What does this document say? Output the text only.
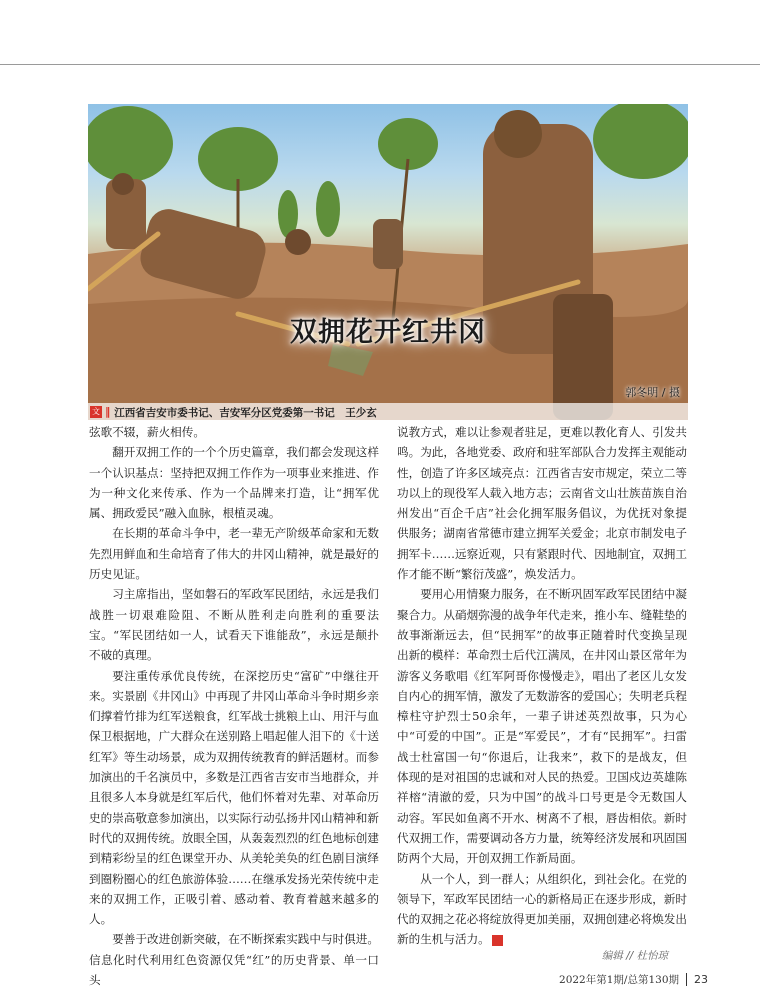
双拥花开红井冈
郭冬明 / 摄
文 ‖ 江西省吉安市委书记、吉安军分区党委第一书记　王少玄

弦歌不辍，薪火相传。

翻开双拥工作的一个个历史篇章，我们都会发现这样一个认识基点：坚持把双拥工作作为一项事业来推进、作为一种文化来传承、作为一个品牌来打造，让“拥军优属、拥政爱民”融入血脉，根植灵魂。

在长期的革命斗争中，老一辈无产阶级革命家和无数先烈用鲜血和生命培育了伟大的井冈山精神，就是最好的历史见证。

习主席指出，坚如磐石的军政军民团结，永远是我们战胜一切艰难险阻、不断从胜利走向胜利的重要法宝。“军民团结如一人，试看天下谁能敌”，永远是颠扑不破的真理。

要注重传承优良传统，在深挖历史“富矿”中继往开来。实景剧《井冈山》中再现了井冈山革命斗争时期乡亲们撑着竹排为红军送粮食，红军战士挑粮上山、用汗与血保卫根据地，广大群众在送别路上唱起催人泪下的《十送红军》等生动场景，成为双拥传统教育的鲜活题材。而参加演出的千名演员中，多数是江西省吉安市当地群众，并且很多人本身就是红军后代，他们怀着对先辈、对革命历史的崇高敬意参加演出，以实际行动弘扬井冈山精神和新时代的双拥传统。放眼全国，从轰轰烈烈的红色地标创建到精彩纷呈的红色课堂开办、从美轮美奂的红色剧目演绎到圈粉圈心的红色旅游体验……在继承发扬光荣传统中走来的双拥工作，正吸引着、感动着、教育着越来越多的人。

要善于改进创新突破，在不断探索实践中与时俱进。信息化时代利用红色资源仅凭“红”的历史背景、单一口头

说教方式，难以让参观者驻足，更难以教化育人、引发共鸣。为此，各地党委、政府和驻军部队合力发挥主观能动性，创造了许多区域亮点：江西省吉安市规定，荣立二等功以上的现役军人载入地方志；云南省文山壮族苗族自治州发出“百企千店”社会化拥军服务倡议，为优抚对象提供服务；湖南省常德市建立拥军关爱金；北京市制发电子拥军卡……远察近观，只有紧跟时代、因地制宜，双拥工作才能不断“繁衍茂盛”，焕发活力。

要用心用情聚力服务，在不断巩固军政军民团结中凝聚合力。从硝烟弥漫的战争年代走来，推小车、缝鞋垫的故事渐渐远去，但“民拥军”的故事正随着时代变换呈现出新的模样：革命烈士后代江满凤，在井冈山景区常年为游客义务歌唱《红军阿哥你慢慢走》，唱出了老区儿女发自内心的拥军情，激发了无数游客的爱国心；失明老兵程樟柱守护烈士50余年，一辈子讲述英烈故事，只为心中“可爱的中国”。正是“军爱民”，才有“民拥军”。扫雷战士杜富国一句“你退后，让我来”，救下的是战友，但体现的是对祖国的忠诚和对人民的热爱。卫国戍边英雄陈祥榕“清澈的爱，只为中国”的战斗口号更是令无数国人动容。军民如鱼离不开水、树离不了根，唇齿相依。新时代双拥工作，需要调动各方力量，统筹经济发展和巩固国防两个大局，开创双拥工作新局面。

从一个人，到一群人；从组织化，到社会化。在党的领导下，军政军民团结一心的新格局正在逐步形成，新时代的双拥之花必将绽放得更加美丽，双拥创建必将焕发出新的生机与活力。	G

编辑 // 杜怡琼
2022年第1期/总第130期 23
